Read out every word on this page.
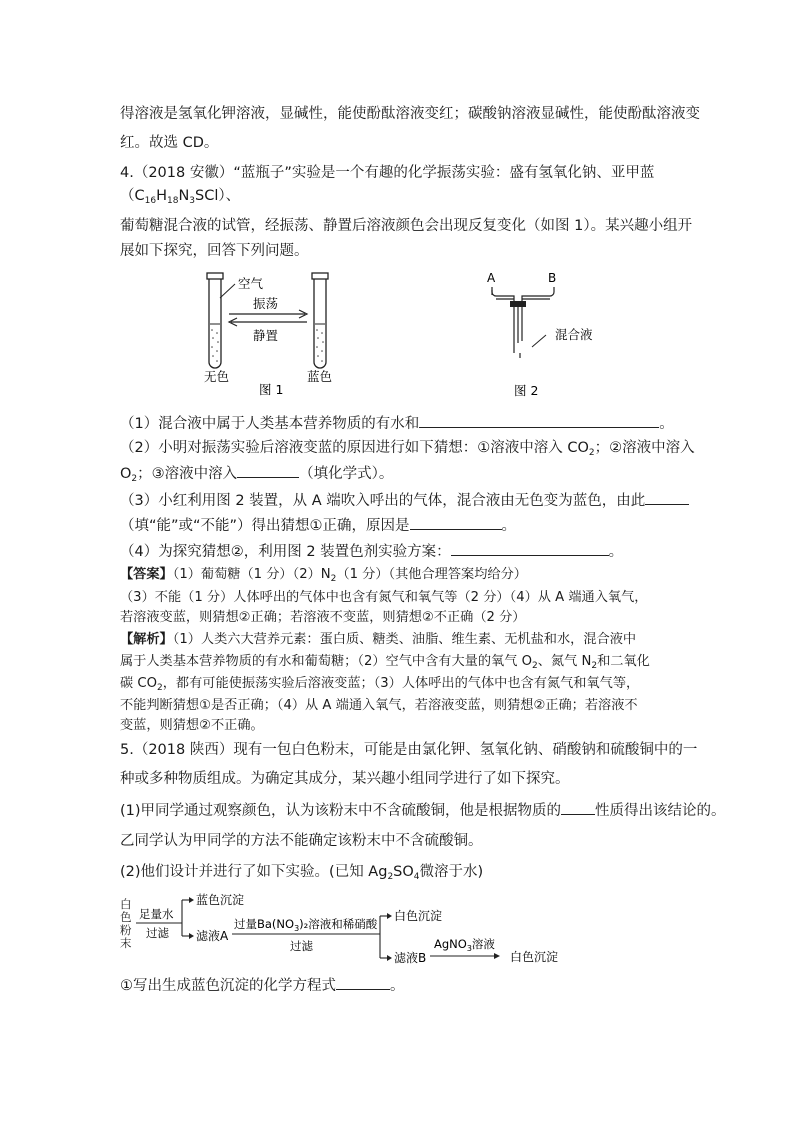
得溶液是氢氧化钾溶液，显碱性，能使酚酞溶液变红；碳酸钠溶液显碱性，能使酚酞溶液变
红。故选 CD。
4.（2018 安徽）“蓝瓶子”实验是一个有趣的化学振荡实验：盛有氢氧化钠、亚甲蓝
$(C_{16}H_{18}N_3SCl)$、
葡萄糖混合液的试管，经振荡、静置后溶液颜色会出现反复变化（如图 1）。某兴趣小组开
展如下探究，回答下列问题。
空气
振荡
静置
无色	蓝色
图 1
A	B
混合液
图 2
（1）混合液中属于人类基本营养物质的有水和	。
（2）小明对振荡实验后溶液变蓝的原因进行如下猜想：①溶液中溶入 $CO_2$；②溶液中溶入
$O_2$；③溶液中溶入	（填化学式）。
（3）小红利用图 2 装置，从 A 端吹入呼出的气体，混合液由无色变为蓝色，由此
（填“能”或“不能”）得出猜想①正确，原因是	。
（4）为探究猜想②，利用图 2 装置色剂实验方案：	。
【答案】（1）葡萄糖（1 分）$(2)N_2(1$ 分）（其他合理答案均给分）
（3）不能（1 分）人体呼出的气体中也含有氮气和氧气等（2 分）（4）从 A 端通入氧气，
若溶液变蓝，则猜想②正确；若溶液不变蓝，则猜想②不正确（2 分）
【解析】（1）人类六大营养元素：蛋白质、糖类、油脂、维生素、无机盐和水，混合液中
属于人类基本营养物质的有水和葡萄糖；（2）空气中含有大量的氧气 $O_2$、氮气 $N_2$和二氧化
碳 $CO_2$，都有可能使振荡实验后溶液变蓝；（3）人体呼出的气体中也含有氮气和氧气等，
不能判断猜想①是否正确；（4）从 A 端通入氧气，若溶液变蓝，则猜想②正确；若溶液不
变蓝，则猜想②不正确。
5.（2018 陕西）现有一包白色粉末，可能是由氯化钾、氢氧化钠、硝酸钠和硫酸铜中的一
种或多种物质组成。为确定其成分，某兴趣小组同学进行了如下探究。
(1)甲同学通过观察颜色，认为该粉末中不含硫酸铜，他是根据物质的 性质得出该结论的。
乙同学认为甲同学的方法不能确定该粉末中不含硫酸铜。
(2)他们设计并进行了如下实验。(已知 $Ag_2SO_4$微溶于水)
白
色
粉
末
足量水
过滤
蓝色沉淀
滤液A
过量$Ba(NO_3)_2$溶液和稀硝酸
过滤
白色沉淀
滤液B
AgNO$_3$溶液
白色沉淀
①写出生成蓝色沉淀的化学方程式	。
